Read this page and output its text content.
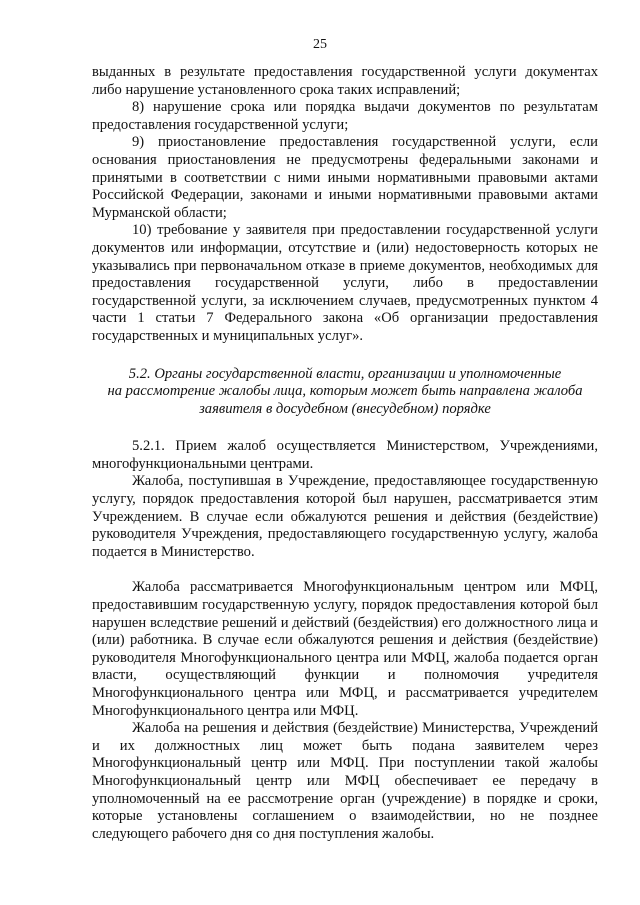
25

выданных в результате предоставления государственной услуги документах либо нарушение установленного срока таких исправлений;

8) нарушение срока или порядка выдачи документов по результатам предоставления государственной услуги;

9) приостановление предоставления государственной услуги, если основания приостановления не предусмотрены федеральными законами и принятыми в соответствии с ними иными нормативными правовыми актами Российской Федерации, законами и иными нормативными правовыми актами Мурманской области;

10) требование у заявителя при предоставлении государственной услуги документов или информации, отсутствие и (или) недостоверность которых не указывались при первоначальном отказе в приеме документов, необходимых для предоставления государственной услуги, либо в предоставлении государственной услуги, за исключением случаев, предусмотренных пунктом 4 части 1 статьи 7 Федерального закона «Об организации предоставления государственных и муниципальных услуг».

5.2. Органы государственной власти, организации и уполномоченные
на рассмотрение жалобы лица, которым может быть направлена жалоба
заявителя в досудебном (внесудебном) порядке

5.2.1. Прием жалоб осуществляется Министерством, Учреждениями, многофункциональными центрами.

Жалоба, поступившая в Учреждение, предоставляющее государственную услугу, порядок предоставления которой был нарушен, рассматривается этим Учреждением. В случае если обжалуются решения и действия (бездействие) руководителя Учреждения, предоставляющего государственную услугу, жалоба подается в Министерство.

Жалоба рассматривается Многофункциональным центром или МФЦ, предоставившим государственную услугу, порядок предоставления которой был нарушен вследствие решений и действий (бездействия) его должностного лица и (или) работника. В случае если обжалуются решения и действия (бездействие) руководителя Многофункционального центра или МФЦ, жалоба подается орган власти, осуществляющий функции и полномочия учредителя Многофункционального центра или МФЦ, и рассматривается учредителем Многофункционального центра или МФЦ.

Жалоба на решения и действия (бездействие) Министерства, Учреждений и их должностных лиц может быть подана заявителем через Многофункциональный центр или МФЦ. При поступлении такой жалобы Многофункциональный центр или МФЦ обеспечивает ее передачу в уполномоченный на ее рассмотрение орган (учреждение) в порядке и сроки, которые установлены соглашением о взаимодействии, но не позднее следующего рабочего дня со дня поступления жалобы.
